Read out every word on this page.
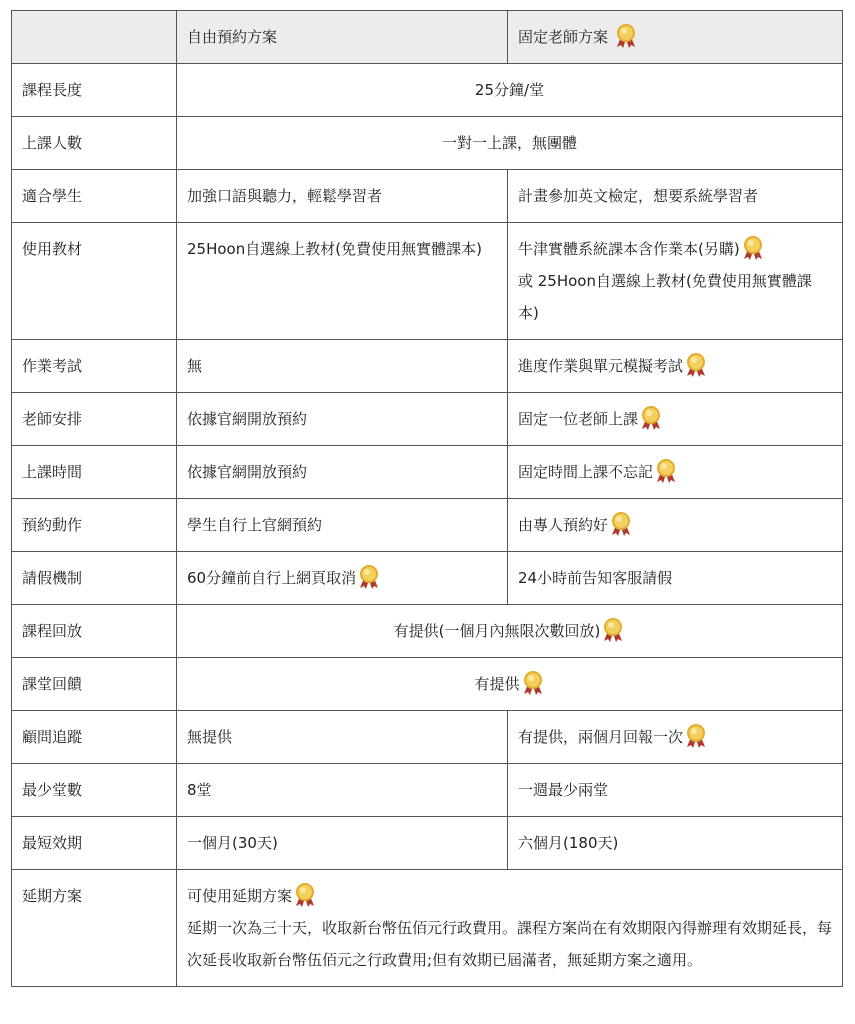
	自由預約方案	固定老師方案

課程長度	25分鐘/堂	
上課人數	一對一上課，無團體	
適合學生	加強口語與聽力，輕鬆學習者	計畫參加英文檢定，想要系統學習者
使用教材	25Hoon自選線上教材(免費使用無實體課本)	牛津實體系統課本含作業本(另購)

或 25Hoon自選線上教材(免費使用無實體課本)
作業考試	無	進度作業與單元模擬考試

老師安排	依據官網開放預約	固定一位老師上課

上課時間	依據官網開放預約	固定時間上課不忘記

預約動作	學生自行上官網預約	由專人預約好

請假機制	60分鐘前自行上網頁取消	24小時前告知客服請假
課程回放	有提供(一個月內無限次數回放)	

課堂回饋	有提供	

顧問追蹤	無提供	有提供，兩個月回報一次

最少堂數	8堂	一週最少兩堂
最短效期	一個月(30天)	六個月(180天)
延期方案	可使用延期方案

延期一次為三十天，收取新台幣伍佰元行政費用。課程方案尚在有效期限內得辦理有效期延長，每次延長收取新台幣伍佰元之行政費用;但有效期已屆滿者，無延期方案之適用。	
